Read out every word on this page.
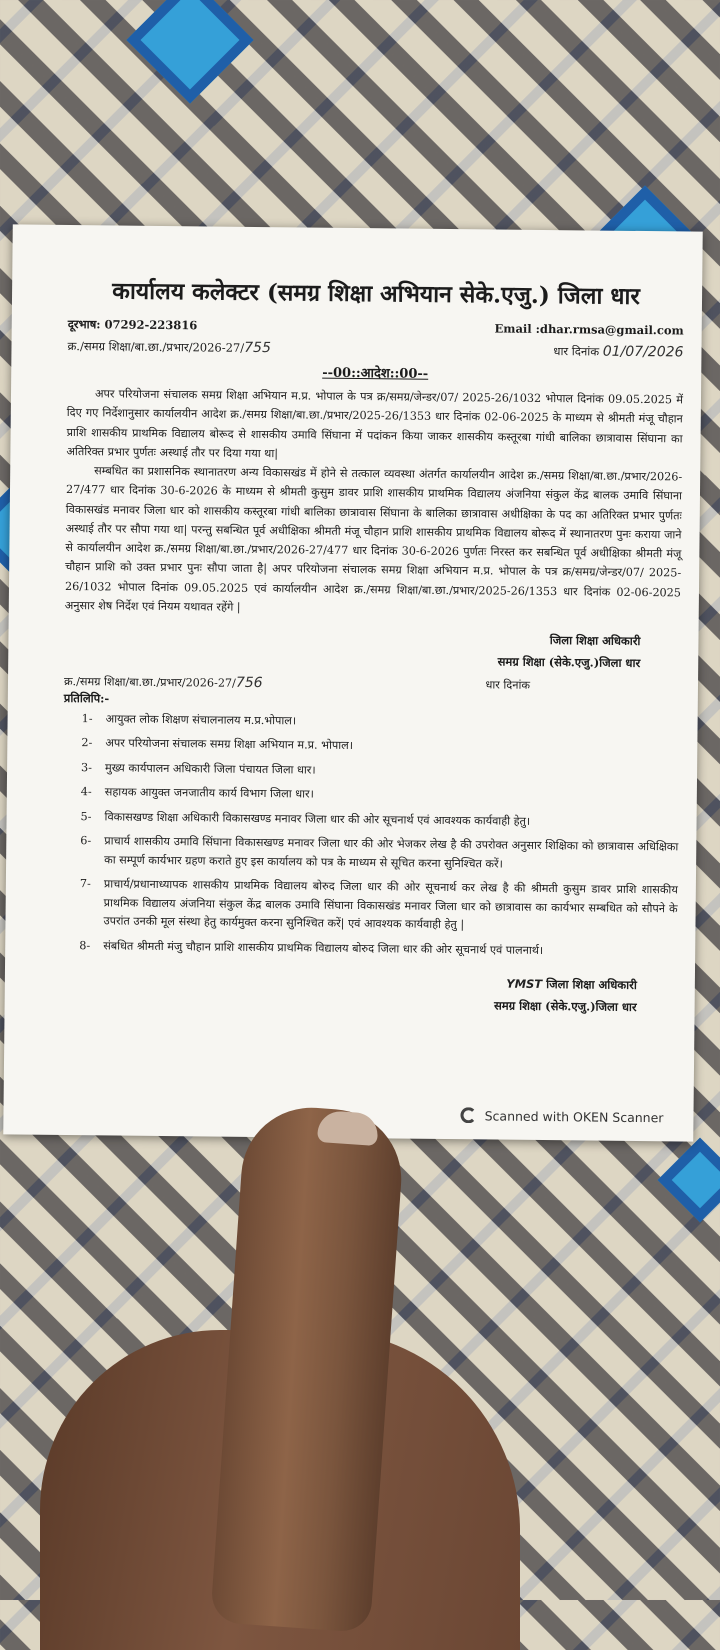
कार्यालय कलेक्टर (समग्र शिक्षा अभियान सेके.एजु.) जिला धार
दूरभाष: 07292-223816	Email :dhar.rmsa@gmail.com
क्र./समग्र शिक्षा/बा.छा./प्रभार/2026-27/755	धार दिनांक 01/07/2026
--00::आदेश::00--

अपर परियोजना संचालक समग्र शिक्षा अभियान म.प्र. भोपाल के पत्र क्र/समग्र/जेन्डर/07/ 2025-26/1032 भोपाल दिनांक 09.05.2025 में दिए गए निर्देशानुसार कार्यालयीन आदेश क्र./समग्र शिक्षा/बा.छा./प्रभार/2025-26/1353 धार दिनांक 02-06-2025 के माध्यम से श्रीमती मंजू चौहान प्राशि शासकीय प्राथमिक विद्यालय बोरूद से शासकीय उमावि सिंघाना में पदांकन किया जाकर शासकीय कस्तूरबा गांधी बालिका छात्रावास सिंघाना का अतिरिक्त प्रभार पुर्णतः अस्थाई तौर पर दिया गया था|

सम्बधित का प्रशासनिक स्थानातरण अन्य विकासखंड में होने से तत्काल व्यवस्था अंतर्गत कार्यालयीन आदेश क्र./समग्र शिक्षा/बा.छा./प्रभार/2026-27/477 धार दिनांक 30-6-2026 के माध्यम से श्रीमती कुसुम डावर प्राशि शासकीय प्राथमिक विद्यालय अंजनिया संकुल केंद्र बालक उमावि सिंघाना विकासखंड मनावर जिला धार को शासकीय कस्तूरबा गांधी बालिका छात्रावास सिंघाना के बालिका छात्रावास अधीक्षिका के पद का अतिरिक्त प्रभार पुर्णतः अस्थाई तौर पर सौपा गया था| परन्तु सबन्धित पूर्व अधीक्षिका श्रीमती मंजू चौहान प्राशि शासकीय प्राथमिक विद्यालय बोरूद में स्थानातरण पुनः कराया जाने से कार्यालयीन आदेश क्र./समग्र शिक्षा/बा.छा./प्रभार/2026-27/477 धार दिनांक 30-6-2026 पुर्णतः निरस्त कर सबन्धित पूर्व अधीक्षिका श्रीमती मंजू चौहान प्राशि को उक्त प्रभार पुनः सौपा जाता है| अपर परियोजना संचालक समग्र शिक्षा अभियान म.प्र. भोपाल के पत्र क्र/समग्र/जेन्डर/07/ 2025-26/1032 भोपाल दिनांक 09.05.2025 एवं कार्यालयीन आदेश क्र./समग्र शिक्षा/बा.छा./प्रभार/2025-26/1353 धार दिनांक 02-06-2025 अनुसार शेष निर्देश एवं नियम यथावत रहेंगे |

जिला शिक्षा अधिकारी
समग्र शिक्षा (सेके.एजु.)जिला धार
क्र./समग्र शिक्षा/बा.छा./प्रभार/2026-27/756	धार दिनांक
प्रतिलिपि:-
1-	आयुक्त लोक शिक्षण संचालनालय म.प्र.भोपाल।
2-	अपर परियोजना संचालक समग्र शिक्षा अभियान म.प्र. भोपाल।
3-	मुख्य कार्यपालन अधिकारी जिला पंचायत जिला धार।
4-	सहायक आयुक्त जनजातीय कार्य विभाग जिला धार।
5-	विकासखण्ड शिक्षा अधिकारी विकासखण्ड मनावर जिला धार की ओर सूचनार्थ एवं आवश्यक कार्यवाही हेतु।
6-	प्राचार्य शासकीय उमावि सिंघाना विकासखण्ड मनावर जिला धार की ओर भेजकर लेख है की उपरोक्त अनुसार शिक्षिका को छात्रावास अधिक्षिका का सम्पूर्ण कार्यभार ग्रहण कराते हुए इस कार्यालय को पत्र के माध्यम से सूचित करना सुनिश्चित करें।
7-	प्राचार्य/प्रधानाध्यापक शासकीय प्राथमिक विद्यालय बोरुद जिला धार की ओर सूचनार्थ कर लेख है की श्रीमती कुसुम डावर प्राशि शासकीय प्राथमिक विद्यालय अंजनिया संकुल केंद्र बालक उमावि सिंघाना विकासखंड मनावर जिला धार को छात्रावास का कार्यभार सम्बधित को सौपने के उपरांत उनकी मूल संस्था हेतु कार्यमुक्त करना सुनिश्चित करें| एवं आवश्यक कार्यवाही हेतु |
8-	संबधित श्रीमती मंजु चौहान प्राशि शासकीय प्राथमिक विद्यालय बोरुद जिला धार की ओर सूचनार्थ एवं पालनार्थ।
YMST जिला शिक्षा अधिकारी
समग्र शिक्षा (सेके.एजु.)जिला धार
Scanned with OKEN Scanner
